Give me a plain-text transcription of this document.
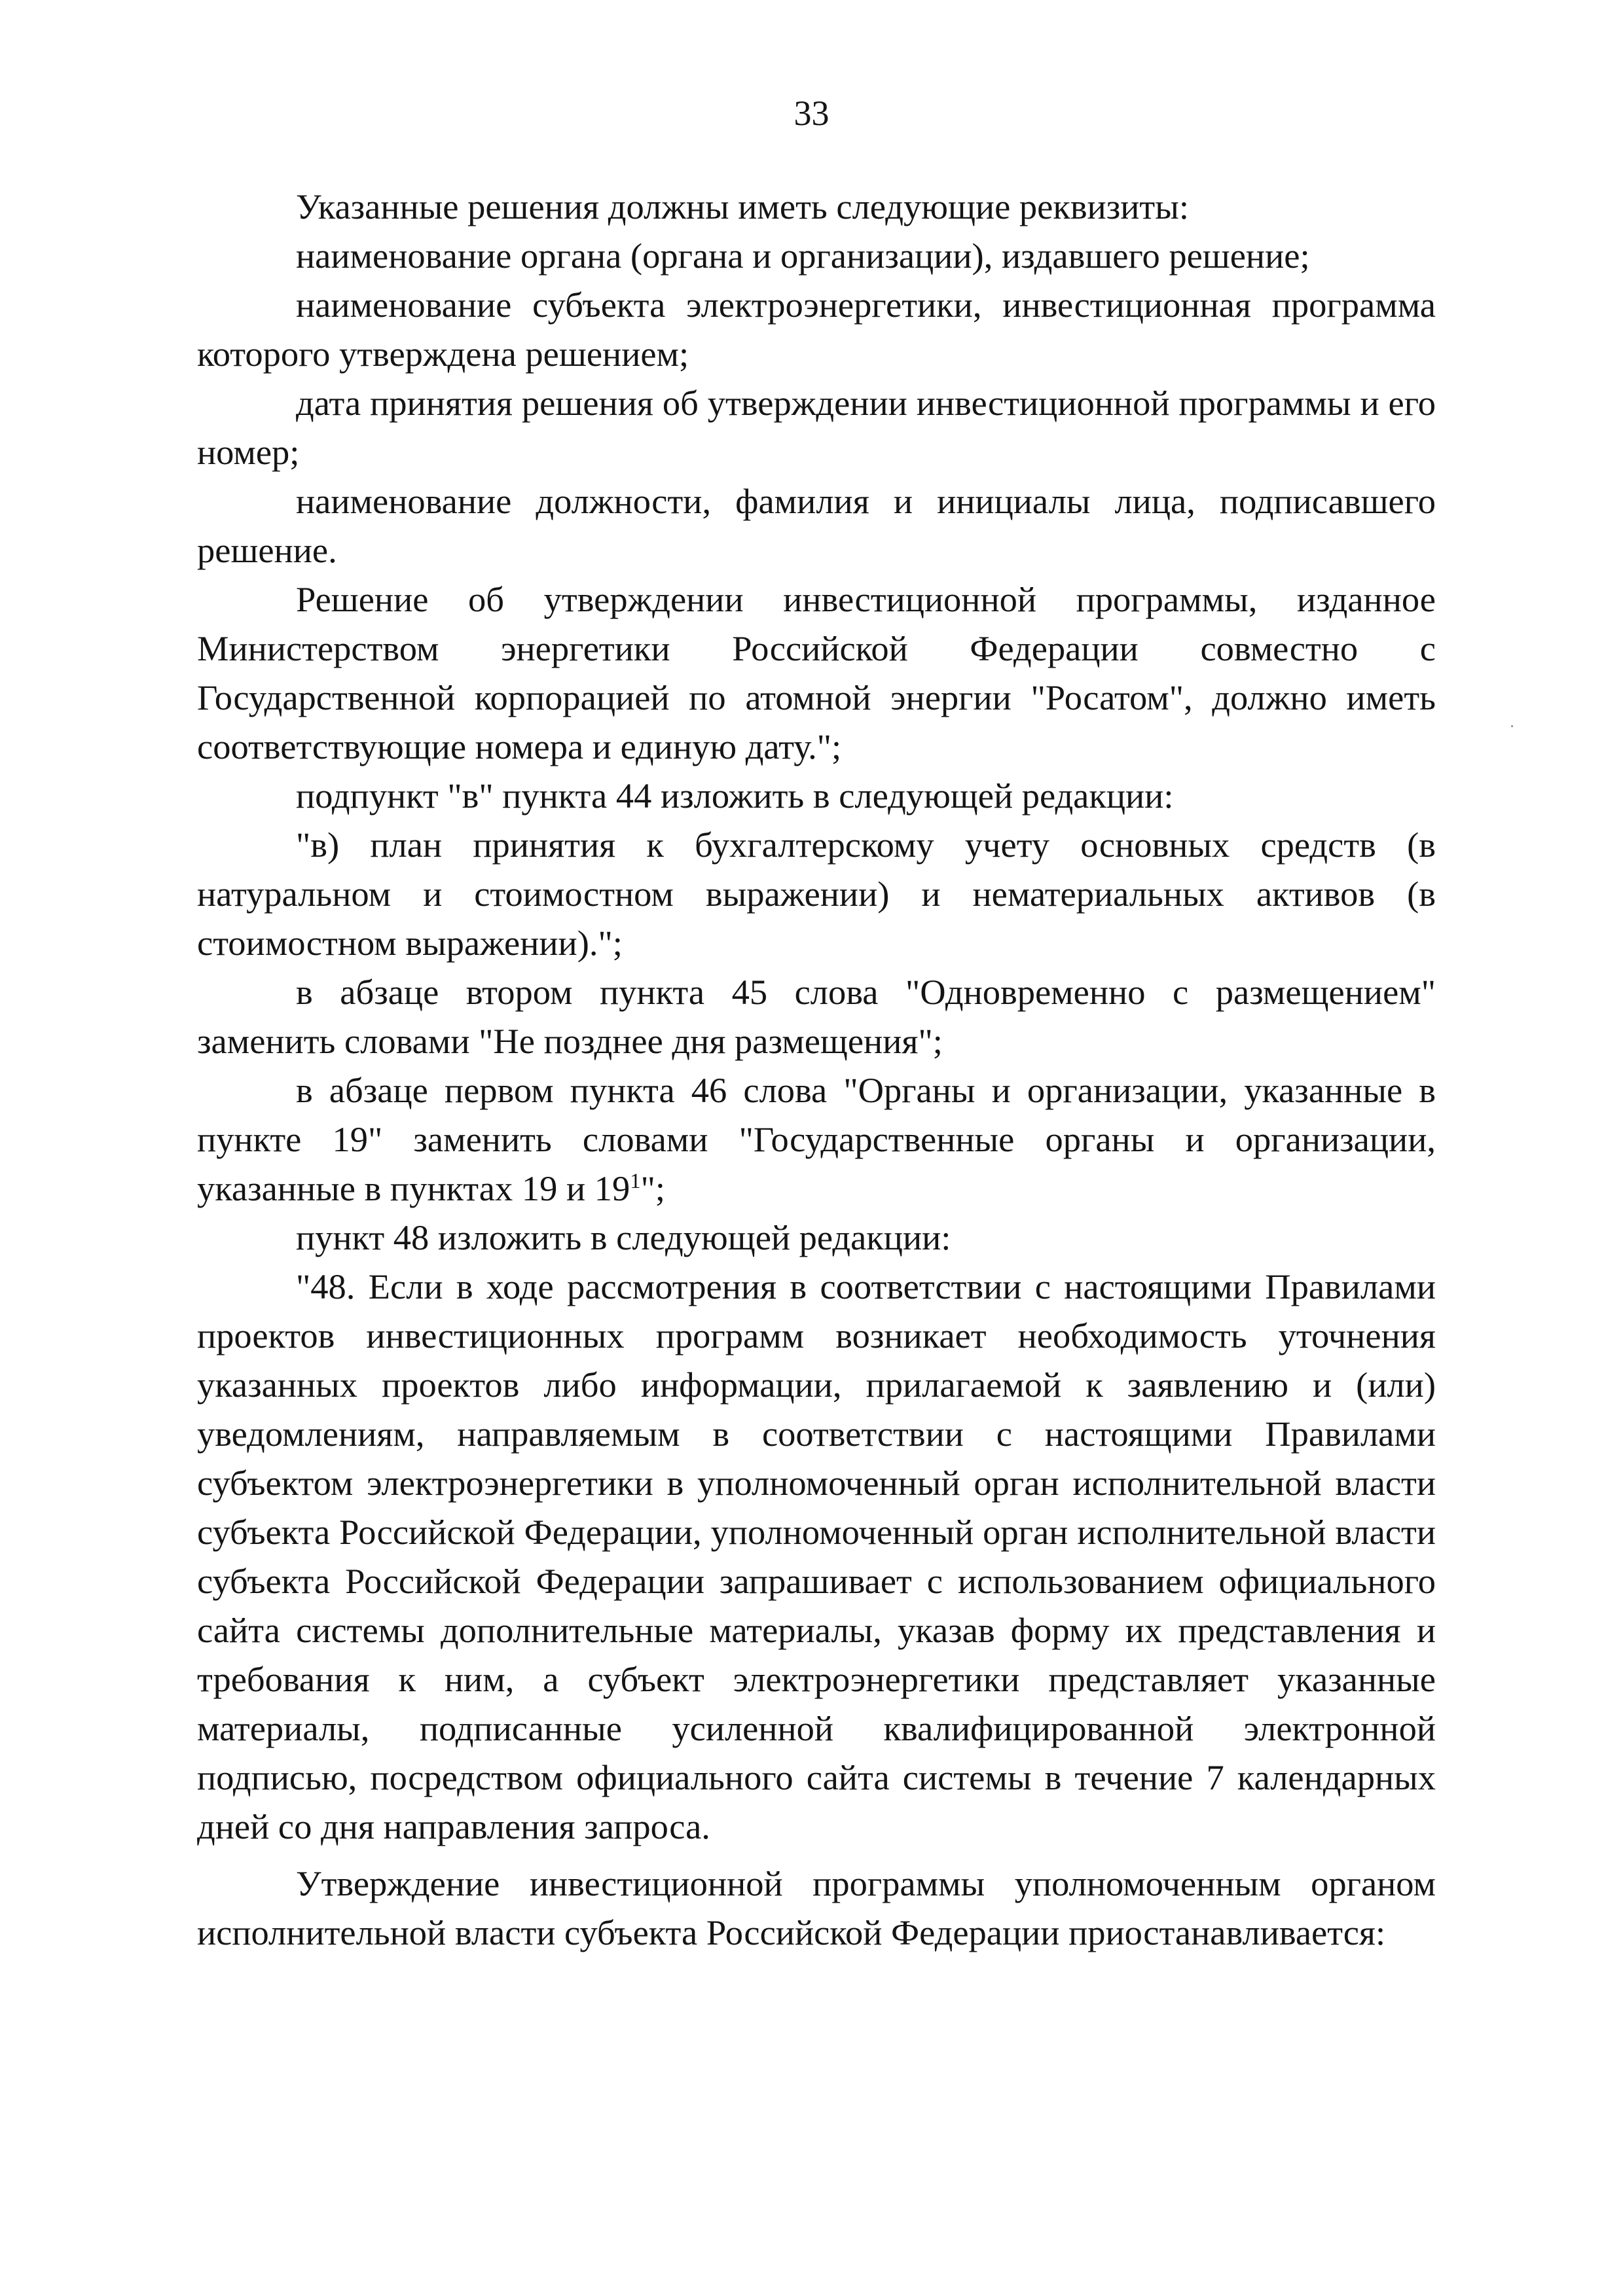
33

Указанные решения должны иметь следующие реквизиты:

наименование органа (органа и организации), издавшего решение;

наименование субъекта электроэнергетики, инвестиционная программа которого утверждена решением;

дата принятия решения об утверждении инвестиционной программы и его номер;

наименование должности, фамилия и инициалы лица, подписавшего решение.

Решение об утверждении инвестиционной программы, изданное Министерством энергетики Российской Федерации совместно с Государственной корпорацией по атомной энергии "Росатом", должно иметь соответствующие номера и единую дату.";

подпункт "в" пункта 44 изложить в следующей редакции:

"в) план принятия к бухгалтерскому учету основных средств (в натуральном и стоимостном выражении) и нематериальных активов (в стоимостном выражении).";

в абзаце втором пункта 45 слова "Одновременно с размещением" заменить словами "Не позднее дня размещения";

в абзаце первом пункта 46 слова "Органы и организации, указанные в пункте 19" заменить словами "Государственные органы и организации, указанные в пунктах 19 и $19^1$";

пункт 48 изложить в следующей редакции:

"48. Если в ходе рассмотрения в соответствии с настоящими Правилами проектов инвестиционных программ возникает необходимость уточнения указанных проектов либо информации, прилагаемой к заявлению и (или) уведомлениям, направляемым в соответствии с настоящими Правилами субъектом электроэнергетики в уполномоченный орган исполнительной власти субъекта Российской Федерации, уполномоченный орган исполнительной власти субъекта Российской Федерации запрашивает с использованием официального сайта системы дополнительные материалы, указав форму их представления и требования к ним, а субъект электроэнергетики представляет указанные материалы, подписанные усиленной квалифицированной электронной подписью, посредством официального сайта системы в течение 7 календарных дней со дня направления запроса.

Утверждение инвестиционной программы уполномоченным органом исполнительной власти субъекта Российской Федерации приостанавливается:
